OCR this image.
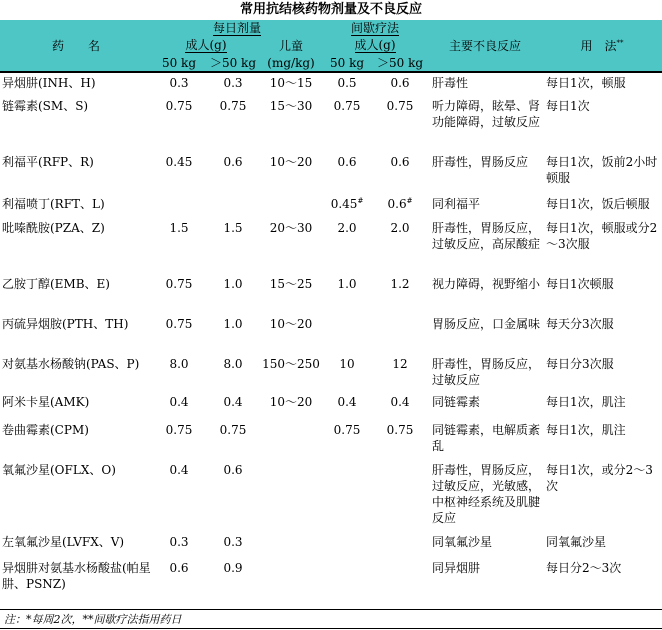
常用抗结核药物剂量及不良反应
药　　名	每日剂量			间歇疗法		主要不良反应	用　法**
	成人(g)		儿童	成人(g)			
	50 kg	＞50 kg	(mg/kg)	50 kg	＞50 kg		
异烟肼(INH、H)	0.3	0.3	10～15	0.5	0.6	肝毒性	每日1次，顿服
链霉素(SM、S)	0.75	0.75	15～30	0.75	0.75	听力障碍，眩晕、肾功能障碍，过敏反应	每日1次
利福平(RFP、R)	0.45	0.6	10～20	0.6	0.6	肝毒性，胃肠反应	每日1次，饭前2小时顿服
利福喷丁(RFT、L)				0.45#	0.6#	同利福平	每日1次，饭后顿服
吡嗪酰胺(PZA、Z)	1.5	1.5	20～30	2.0	2.0	肝毒性，胃肠反应，过敏反应，高尿酸症	每日1次，顿服或分2～3次服
乙胺丁醇(EMB、E)	0.75	1.0	15～25	1.0	1.2	视力障碍，视野缩小	每日1次顿服
丙硫异烟胺(PTH、TH)	0.75	1.0	10～20			胃肠反应，口金属味	每天分3次服
对氨基水杨酸钠(PAS、P)	8.0	8.0	150～250	10	12	肝毒性，胃肠反应，过敏反应	每日分3次服
阿米卡星(AMK)	0.4	0.4	10～20	0.4	0.4	同链霉素	每日1次，肌注
卷曲霉素(CPM)	0.75	0.75		0.75	0.75	同链霉素，电解质紊乱	每日1次，肌注
氧氟沙星(OFLX、O)	0.4	0.6				肝毒性，胃肠反应，过敏反应，光敏感，中枢神经系统及肌腱反应	每日1次，或分2～3次
左氧氟沙星(LVFX、V)	0.3	0.3				同氧氟沙星	同氧氟沙星
异烟肼对氨基水杨酸盐(帕星肼、PSNZ)	0.6	0.9				同异烟肼	每日分2～3次
注：*每周2次，**间歇疗法指用药日
